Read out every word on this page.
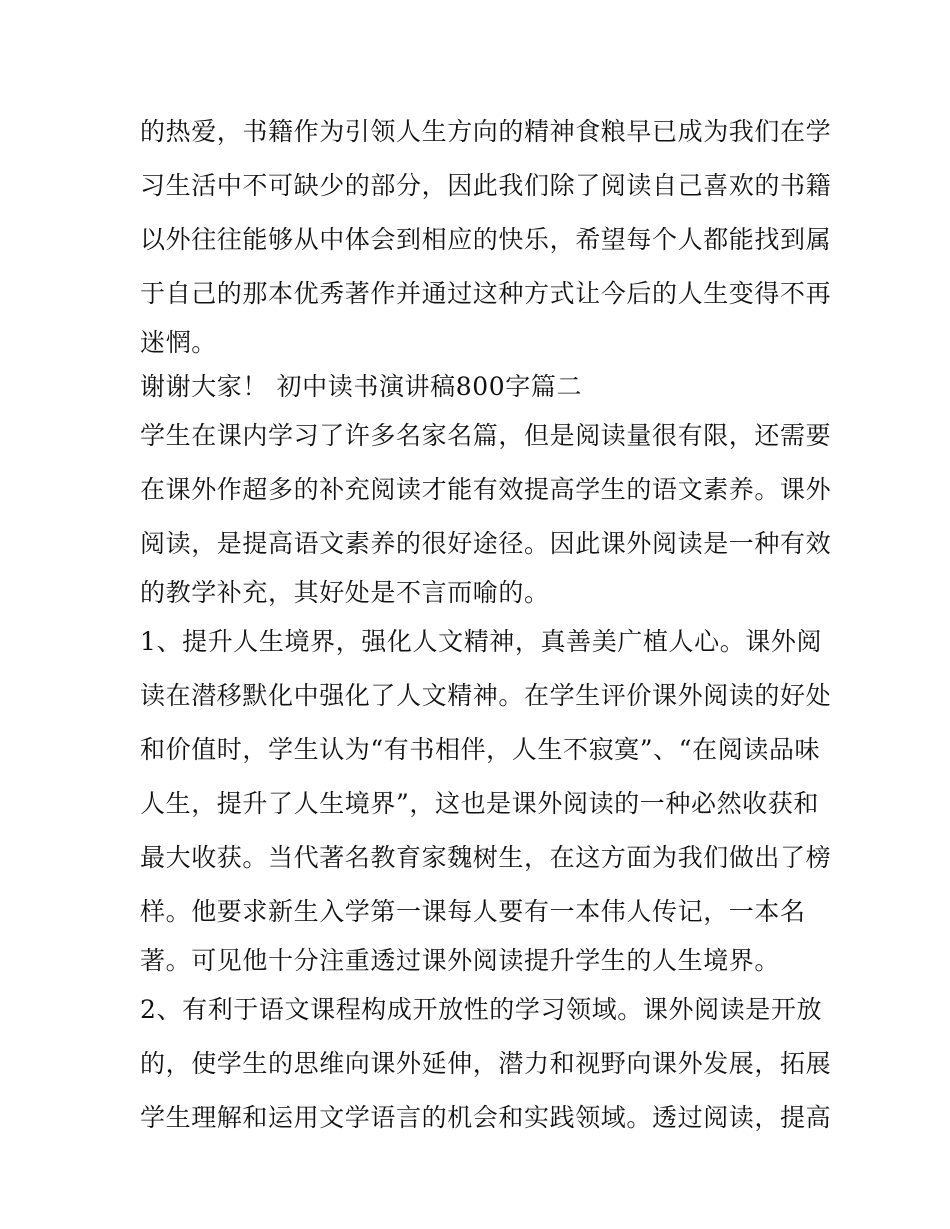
的热爱，书籍作为引领人生方向的精神食粮早已成为我们在学
习生活中不可缺少的部分，因此我们除了阅读自己喜欢的书籍
以外往往能够从中体会到相应的快乐，希望每个人都能找到属
于自己的那本优秀著作并通过这种方式让今后的人生变得不再
迷惘。
谢谢大家！ 初中读书演讲稿800字篇二
学生在课内学习了许多名家名篇，但是阅读量很有限，还需要
在课外作超多的补充阅读才能有效提高学生的语文素养。课外
阅读，是提高语文素养的很好途径。因此课外阅读是一种有效
的教学补充，其好处是不言而喻的。
1、提升人生境界，强化人文精神，真善美广植人心。课外阅
读在潜移默化中强化了人文精神。在学生评价课外阅读的好处
和价值时，学生认为“有书相伴，人生不寂寞”、“在阅读品味
人生，提升了人生境界”，这也是课外阅读的一种必然收获和
最大收获。当代著名教育家魏树生，在这方面为我们做出了榜
样。他要求新生入学第一课每人要有一本伟人传记，一本名
著。可见他十分注重透过课外阅读提升学生的人生境界。
2、有利于语文课程构成开放性的学习领域。课外阅读是开放
的，使学生的思维向课外延伸，潜力和视野向课外发展，拓展
学生理解和运用文学语言的机会和实践领域。透过阅读，提高
